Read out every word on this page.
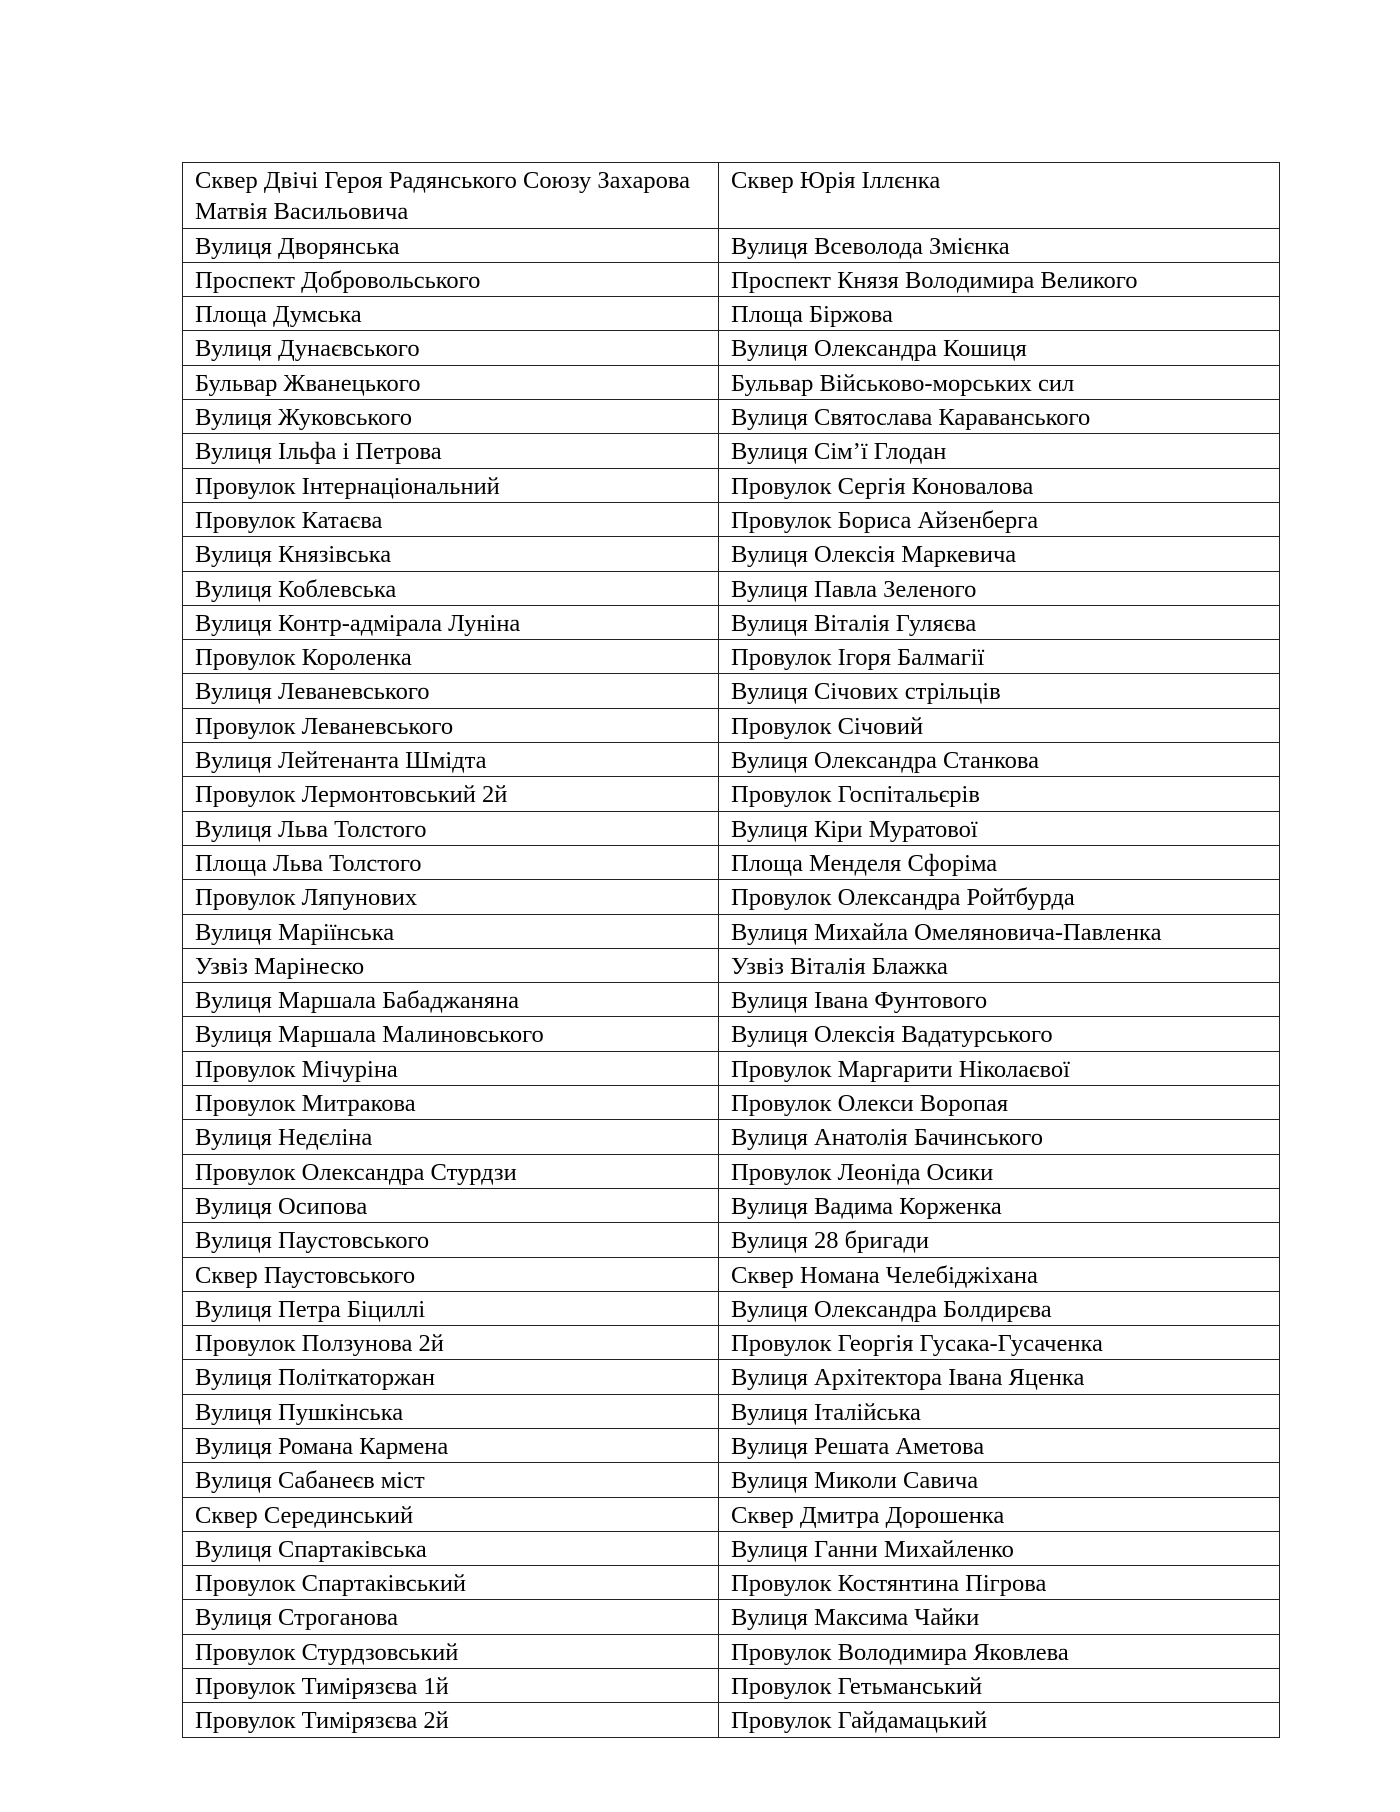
Сквер Двічі Героя Радянського Союзу Захарова Матвія Васильовича	Сквер Юрія Іллєнка
Вулиця Дворянська	Вулиця Всеволода Змієнка
Проспект Добровольського	Проспект Князя Володимира Великого
Площа Думська	Площа Біржова
Вулиця Дунаєвського	Вулиця Олександра Кошиця
Бульвар Жванецького	Бульвар Військово-морських сил
Вулиця Жуковського	Вулиця Святослава Караванського
Вулиця Ільфа і Петрова	Вулиця Сім’ї Глодан
Провулок Інтернаціональний	Провулок Сергія Коновалова
Провулок Катаєва	Провулок Бориса Айзенберга
Вулиця Князівська	Вулиця Олексія Маркевича
Вулиця Коблевська	Вулиця Павла Зеленого
Вулиця Контр-адмірала Луніна	Вулиця Віталія Гуляєва
Провулок Короленка	Провулок Ігоря Балмагії
Вулиця Леваневського	Вулиця Січових стрільців
Провулок Леваневського	Провулок Січовий
Вулиця Лейтенанта Шмідта	Вулиця Олександра Станкова
Провулок Лермонтовський 2й	Провулок Госпітальєрів
Вулиця Льва Толстого	Вулиця Кіри Муратової
Площа Льва Толстого	Площа Менделя Сфоріма
Провулок Ляпунових	Провулок Олександра Ройтбурда
Вулиця Маріїнська	Вулиця Михайла Омеляновича-Павленка
Узвіз Марінеско	Узвіз Віталія Блажка
Вулиця Маршала Бабаджаняна	Вулиця Івана Фунтового
Вулиця Маршала Малиновського	Вулиця Олексія Вадатурського
Провулок Мічуріна	Провулок Маргарити Ніколаєвої
Провулок Митракова	Провулок Олекси Воропая
Вулиця Недєліна	Вулиця Анатолія Бачинського
Провулок Олександра Стурдзи	Провулок Леоніда Осики
Вулиця Осипова	Вулиця Вадима Корженка
Вулиця Паустовського	Вулиця 28 бригади
Сквер Паустовського	Сквер Номана Челебіджіхана
Вулиця Петра Біциллі	Вулиця Олександра Болдирєва
Провулок Ползунова 2й	Провулок Георгія Гусака-Гусаченка
Вулиця Політкаторжан	Вулиця Архітектора Івана Яценка
Вулиця Пушкінська	Вулиця Італійська
Вулиця Романа Кармена	Вулиця Решата Аметова
Вулиця Сабанеєв міст	Вулиця Миколи Савича
Сквер Серединський	Сквер Дмитра Дорошенка
Вулиця Спартаківська	Вулиця Ганни Михайленко
Провулок Спартаківський	Провулок Костянтина Пігрова
Вулиця Строганова	Вулиця Максима Чайки
Провулок Стурдзовський	Провулок Володимира Яковлева
Провулок Тимірязєва 1й	Провулок Гетьманський
Провулок Тимірязєва 2й	Провулок Гайдамацький
